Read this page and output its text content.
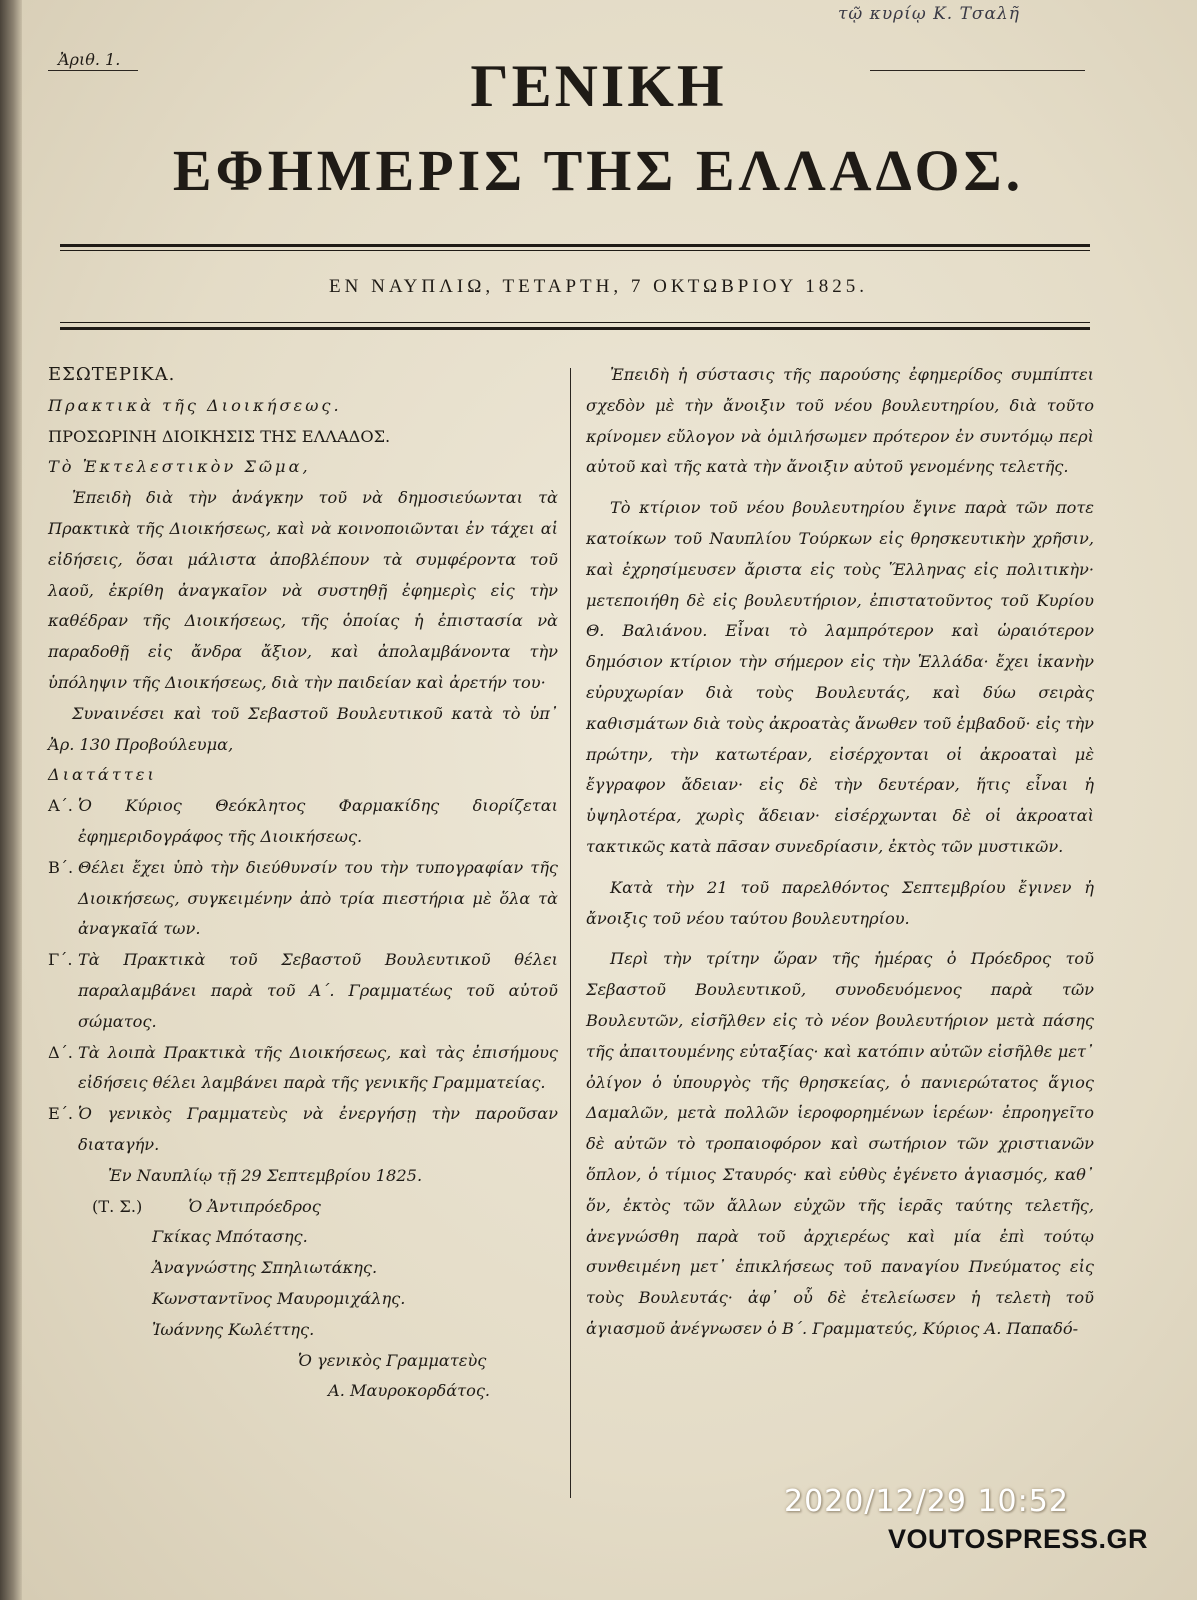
τῷ κυρίῳ Κ. Τσαλῆ
Ἀριθ. 1.	ΓΕΝΙΚΗ
ΕΦΗΜΕΡΙΣ ΤΗΣ ΕΛΛΑΔΟΣ.
ΕΝ ΝΑΥΠΛΙΩ, ΤΕΤΑΡΤΗ, 7 ΟΚΤΩΒΡΙΟΥ 1825.

ΕΣΩΤΕΡΙΚΑ.

Πρακτικὰ τῆς Διοικήσεως.

ΠΡΟΣΩΡΙΝΗ ΔΙΟΙΚΗΣΙΣ ΤΗΣ ΕΛΛΑΔΟΣ.

Τὸ Ἐκτελεστικὸν Σῶμα,

Ἐπειδὴ διὰ τὴν ἀνάγκην τοῦ νὰ δημοσιεύωνται τὰ Πρακτικὰ τῆς Διοικήσεως, καὶ νὰ κοινοποιῶνται ἐν τάχει αἱ εἰδήσεις, ὅσαι μάλιστα ἀποβλέπουν τὰ συμφέροντα τοῦ λαοῦ, ἐκρίθη ἀναγκαῖον νὰ συστηθῇ ἐφημερὶς εἰς τὴν καθέδραν τῆς Διοικήσεως, τῆς ὁποίας ἡ ἐπιστασία νὰ παραδοθῇ εἰς ἄνδρα ἄξιον, καὶ ἀπολαμβάνοντα τὴν ὑπόληψιν τῆς Διοικήσεως, διὰ τὴν παιδείαν καὶ ἀρετήν του·

Συναινέσει καὶ τοῦ Σεβαστοῦ Βουλευτικοῦ κατὰ τὸ ὑπ᾽ Ἀρ. 130 Προβούλευμα,

Διατάττει

Α΄. Ὁ Κύριος Θεόκλητος Φαρμακίδης διορίζεται ἐφημεριδογράφος τῆς Διοικήσεως.
Β΄. Θέλει ἔχει ὑπὸ τὴν διεύθυνσίν του τὴν τυπογραφίαν τῆς Διοικήσεως, συγκειμένην ἀπὸ τρία πιεστήρια μὲ ὅλα τὰ ἀναγκαῖά των.
Γ΄. Τὰ Πρακτικὰ τοῦ Σεβαστοῦ Βουλευτικοῦ θέλει παραλαμβάνει παρὰ τοῦ Α΄. Γραμματέως τοῦ αὐτοῦ σώματος.
Δ΄. Τὰ λοιπὰ Πρακτικὰ τῆς Διοικήσεως, καὶ τὰς ἐπισήμους εἰδήσεις θέλει λαμβάνει παρὰ τῆς γενικῆς Γραμματείας.
Ε΄. Ὁ γενικὸς Γραμματεὺς νὰ ἐνεργήσῃ τὴν παροῦσαν διαταγήν.

Ἐν Ναυπλίῳ τῇ 29 Σεπτεμβρίου 1825.

(Τ. Σ.)	Ὁ Ἀντιπρόεδρος

Γκίκας Μπότασης.

Ἀναγνώστης Σπηλιωτάκης.

Κωνσταντῖνος Μαυρομιχάλης.

Ἰωάννης Κωλέττης.

Ὁ γενικὸς Γραμματεὺς

Α. Μαυροκορδάτος.

Ἐπειδὴ ἡ σύστασις τῆς παρούσης ἐφημερίδος συμπίπτει σχεδὸν μὲ τὴν ἄνοιξιν τοῦ νέου βουλευτηρίου, διὰ τοῦτο κρίνομεν εὔλογον νὰ ὁμιλήσωμεν πρότερον ἐν συντόμῳ περὶ αὐτοῦ καὶ τῆς κατὰ τὴν ἄνοιξιν αὐτοῦ γενομένης τελετῆς.

Τὸ κτίριον τοῦ νέου βουλευτηρίου ἔγινε παρὰ τῶν ποτε κατοίκων τοῦ Ναυπλίου Τούρκων εἰς θρησκευτικὴν χρῆσιν, καὶ ἐχρησίμευσεν ἄριστα εἰς τοὺς Ἕλληνας εἰς πολιτικὴν· μετεποιήθη δὲ εἰς βουλευτήριον, ἐπιστατοῦντος τοῦ Κυρίου Θ. Βαλιάνου. Εἶναι τὸ λαμπρότερον καὶ ὡραιότερον δημόσιον κτίριον τὴν σήμερον εἰς τὴν Ἑλλάδα· ἔχει ἱκανὴν εὐρυχωρίαν διὰ τοὺς Βουλευτάς, καὶ δύω σειρὰς καθισμάτων διὰ τοὺς ἀκροατὰς ἄνωθεν τοῦ ἐμβαδοῦ· εἰς τὴν πρώτην, τὴν κατωτέραν, εἰσέρχονται οἱ ἀκροαταὶ μὲ ἔγγραφον ἄδειαν· εἰς δὲ τὴν δευτέραν, ἥτις εἶναι ἡ ὑψηλοτέρα, χωρὶς ἄδειαν· εἰσέρχωνται δὲ οἱ ἀκροαταὶ τακτικῶς κατὰ πᾶσαν συνεδρίασιν, ἐκτὸς τῶν μυστικῶν.

Κατὰ τὴν 21 τοῦ παρελθόντος Σεπτεμβρίου ἔγινεν ἡ ἄνοιξις τοῦ νέου ταύτου βουλευτηρίου.

Περὶ τὴν τρίτην ὥραν τῆς ἡμέρας ὁ Πρόεδρος τοῦ Σεβαστοῦ Βουλευτικοῦ, συνοδευόμενος παρὰ τῶν Βουλευτῶν, εἰσῆλθεν εἰς τὸ νέον βουλευτήριον μετὰ πάσης τῆς ἀπαιτουμένης εὐταξίας· καὶ κατόπιν αὐτῶν εἰσῆλθε μετ᾽ ὀλίγον ὁ ὑπουργὸς τῆς θρησκείας, ὁ πανιερώτατος ἅγιος Δαμαλῶν, μετὰ πολλῶν ἱεροφορημένων ἱερέων· ἐπροηγεῖτο δὲ αὐτῶν τὸ τροπαιοφόρον καὶ σωτήριον τῶν χριστιανῶν ὅπλον, ὁ τίμιος Σταυρός· καὶ εὐθὺς ἐγένετο ἁγιασμός, καθ᾽ ὅν, ἐκτὸς τῶν ἄλλων εὐχῶν τῆς ἱερᾶς ταύτης τελετῆς, ἀνεγνώσθη παρὰ τοῦ ἀρχιερέως καὶ μία ἐπὶ τούτῳ συνθειμένη μετ᾽ ἐπικλήσεως τοῦ παναγίου Πνεύματος εἰς τοὺς Βουλευτάς· ἀφ᾽ οὗ δὲ ἐτελείωσεν ἡ τελετὴ τοῦ ἁγιασμοῦ ἀνέγνωσεν ὁ Β΄. Γραμματεύς, Κύριος Α. Παπαδό-

2020/12/29 10:52
VOUTOSPRESS.GR
